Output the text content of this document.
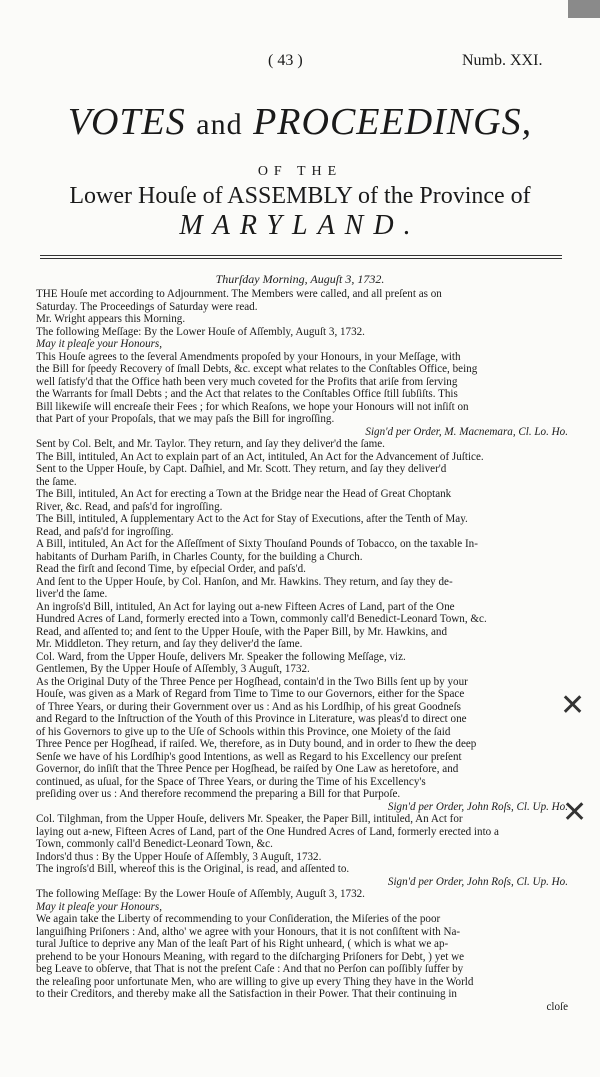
( 43 )	Numb. XXI.
VOTES and PROCEEDINGS,
OF THE
Lower Houſe of ASSEMBLY of the Province of
MARYLAND.
Thurſday Morning, Auguſt 3, 1732.

THE Houſe met according to Adjournment. The Members were called, and all preſent as on

Saturday. The Proceedings of Saturday were read.

Mr. Wright appears this Morning.

The following Meſſage: By the Lower Houſe of Aſſembly, Auguſt 3, 1732.

May it pleaſe your Honours,

This Houſe agrees to the ſeveral Amendments propoſed by your Honours, in your Meſſage, with

the Bill for ſpeedy Recovery of ſmall Debts, &c. except what relates to the Conſtables Office, being

well ſatisfy'd that the Office hath been very much coveted for the Profits that ariſe from ſerving

the Warrants for ſmall Debts ; and the Act that relates to the Conſtables Office ſtill ſubſiſts. This

Bill likewiſe will encreaſe their Fees ; for which Reaſons, we hope your Honours will not inſiſt on

that Part of your Propoſals, that we may paſs the Bill for ingroſſing.

Sign'd per Order, M. Macnemara, Cl. Lo. Ho.

Sent by Col. Belt, and Mr. Taylor. They return, and ſay they deliver'd the ſame.

The Bill, intituled, An Act to explain part of an Act, intituled, An Act for the Advancement of Juſtice.

Sent to the Upper Houſe, by Capt. Daſhiel, and Mr. Scott. They return, and ſay they deliver'd

the ſame.

The Bill, intituled, An Act for erecting a Town at the Bridge near the Head of Great Choptank

River, &c. Read, and paſs'd for ingroſſing.

The Bill, intituled, A ſupplementary Act to the Act for Stay of Executions, after the Tenth of May.

Read, and paſs'd for ingroſſing.

A Bill, intituled, An Act for the Aſſeſſment of Sixty Thouſand Pounds of Tobacco, on the taxable In-

habitants of Durham Pariſh, in Charles County, for the building a Church.

Read the firſt and ſecond Time, by eſpecial Order, and paſs'd.

And ſent to the Upper Houſe, by Col. Hanſon, and Mr. Hawkins. They return, and ſay they de-

liver'd the ſame.

An ingroſs'd Bill, intituled, An Act for laying out a-new Fifteen Acres of Land, part of the One

Hundred Acres of Land, formerly erected into a Town, commonly call'd Benedict-Leonard Town, &c.

Read, and aſſented to; and ſent to the Upper Houſe, with the Paper Bill, by Mr. Hawkins, and

Mr. Middleton. They return, and ſay they deliver'd the ſame.

Col. Ward, from the Upper Houſe, delivers Mr. Speaker the following Meſſage, viz.

Gentlemen, By the Upper Houſe of Aſſembly, 3 Auguſt, 1732.

As the Original Duty of the Three Pence per Hogſhead, contain'd in the Two Bills ſent up by your

Houſe, was given as a Mark of Regard from Time to Time to our Governors, either for the Space

of Three Years, or during their Government over us : And as his Lordſhip, of his great Goodneſs

and Regard to the Inſtruction of the Youth of this Province in Literature, was pleas'd to direct one

of his Governors to give up to the Uſe of Schools within this Province, one Moiety of the ſaid

Three Pence per Hogſhead, if raiſed. We, therefore, as in Duty bound, and in order to ſhew the deep

Senſe we have of his Lordſhip's good Intentions, as well as Regard to his Excellency our preſent

Governor, do inſiſt that the Three Pence per Hogſhead, be raiſed by One Law as heretofore, and

continued, as uſual, for the Space of Three Years, or during the Time of his Excellency's

preſiding over us : And therefore recommend the preparing a Bill for that Purpoſe.

Sign'd per Order, John Roſs, Cl. Up. Ho.

Col. Tilghman, from the Upper Houſe, delivers Mr. Speaker, the Paper Bill, intituled, An Act for

laying out a-new, Fifteen Acres of Land, part of the One Hundred Acres of Land, formerly erected into a

Town, commonly call'd Benedict-Leonard Town, &c.

Indors'd thus : By the Upper Houſe of Aſſembly, 3 Auguſt, 1732.

The ingroſs'd Bill, whereof this is the Original, is read, and aſſented to.

Sign'd per Order, John Roſs, Cl. Up. Ho.

The following Meſſage: By the Lower Houſe of Aſſembly, Auguſt 3, 1732.

May it pleaſe your Honours,

We again take the Liberty of recommending to your Conſideration, the Miſeries of the poor

languiſhing Priſoners : And, altho' we agree with your Honours, that it is not conſiſtent with Na-

tural Juſtice to deprive any Man of the leaſt Part of his Right unheard, ( which is what we ap-

prehend to be your Honours Meaning, with regard to the diſcharging Priſoners for Debt, ) yet we

beg Leave to obſerve, that That is not the preſent Caſe : And that no Perſon can poſſibly ſuffer by

the releaſing poor unfortunate Men, who are willing to give up every Thing they have in the World

to their Creditors, and thereby make all the Satisfaction in their Power. That their continuing in

cloſe

✕
✕
